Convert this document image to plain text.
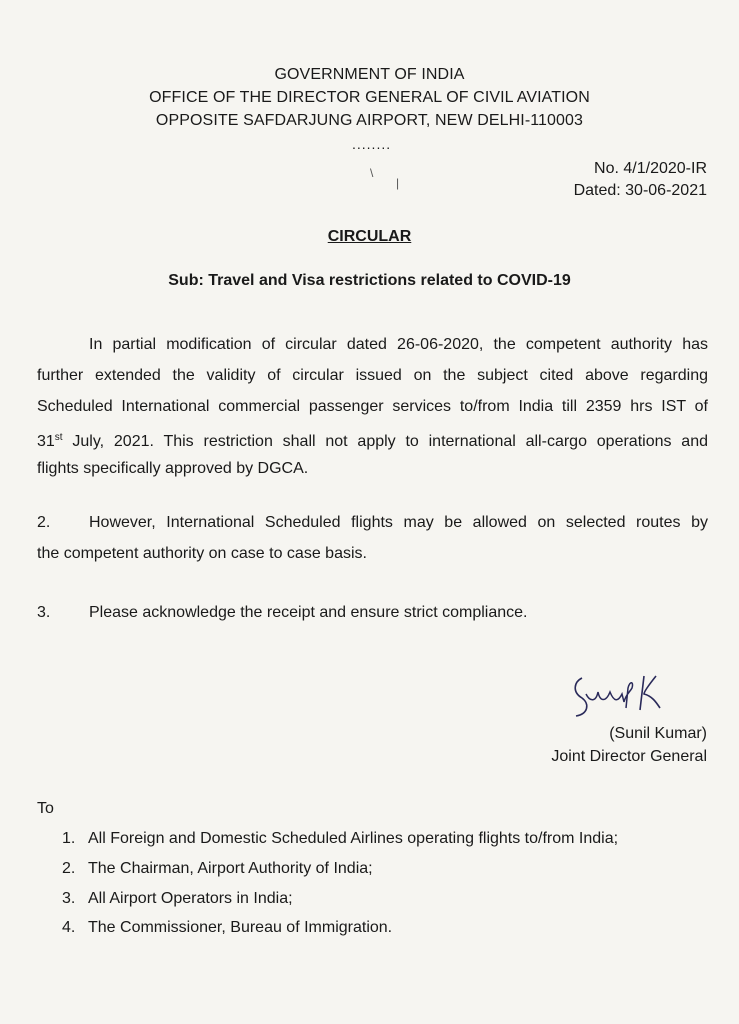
GOVERNMENT OF INDIA
OFFICE OF THE DIRECTOR GENERAL OF CIVIL AVIATION
OPPOSITE SAFDARJUNG AIRPORT, NEW DELHI-110003
........
\
|
No. 4/1/2020-IR
Dated: 30-06-2021
CIRCULAR
Sub: Travel and Visa restrictions related to COVID-19
In partial modification of circular dated 26-06-2020, the competent authority has
further extended the validity of circular issued on the subject cited above regarding
Scheduled International commercial passenger services to/from India till 2359 hrs IST of
31st July, 2021. This restriction shall not apply to international all-cargo operations and
flights specifically approved by DGCA.
2. However, International Scheduled flights may be allowed on selected routes by
the competent authority on case to case basis.
3. Please acknowledge the receipt and ensure strict compliance.
(Sunil Kumar)
Joint Director General
To
1. All Foreign and Domestic Scheduled Airlines operating flights to/from India;
2. The Chairman, Airport Authority of India;
3. All Airport Operators in India;
4. The Commissioner, Bureau of Immigration.
